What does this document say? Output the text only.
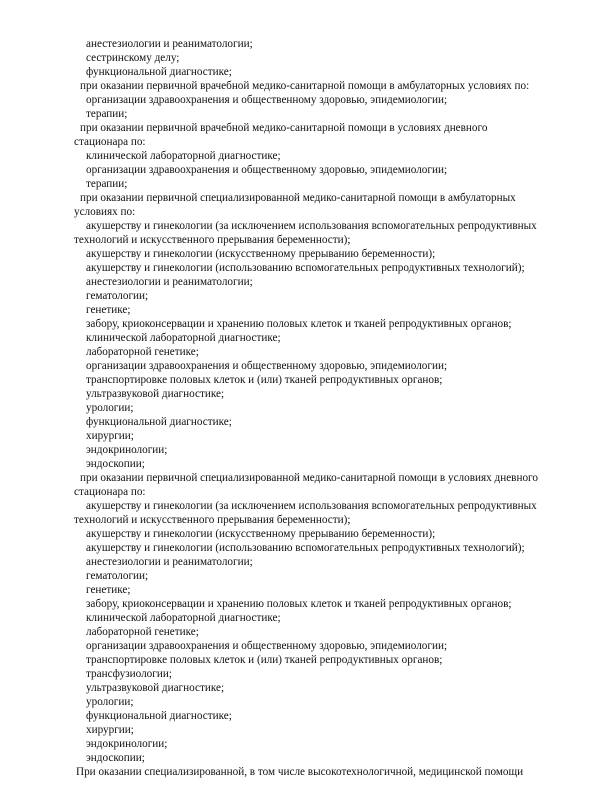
анестезиологии и реаниматологии;
сестринскому делу;
функциональной диагностике;
при оказании первичной врачебной медико-санитарной помощи в амбулаторных условиях по:
организации здравоохранения и общественному здоровью, эпидемиологии;
терапии;
при оказании первичной врачебной медико-санитарной помощи в условиях дневного
стационара по:
клинической лабораторной диагностике;
организации здравоохранения и общественному здоровью, эпидемиологии;
терапии;
при оказании первичной специализированной медико-санитарной помощи в амбулаторных
условиях по:
акушерству и гинекологии (за исключением использования вспомогательных репродуктивных
технологий и искусственного прерывания беременности);
акушерству и гинекологии (искусственному прерыванию беременности);
акушерству и гинекологии (использованию вспомогательных репродуктивных технологий);
анестезиологии и реаниматологии;
гематологии;
генетике;
забору, криоконсервации и хранению половых клеток и тканей репродуктивных органов;
клинической лабораторной диагностике;
лабораторной генетике;
организации здравоохранения и общественному здоровью, эпидемиологии;
транспортировке половых клеток и (или) тканей репродуктивных органов;
ультразвуковой диагностике;
урологии;
функциональной диагностике;
хирургии;
эндокринологии;
эндоскопии;
при оказании первичной специализированной медико-санитарной помощи в условиях дневного
стационара по:
акушерству и гинекологии (за исключением использования вспомогательных репродуктивных
технологий и искусственного прерывания беременности);
акушерству и гинекологии (искусственному прерыванию беременности);
акушерству и гинекологии (использованию вспомогательных репродуктивных технологий);
анестезиологии и реаниматологии;
гематологии;
генетике;
забору, криоконсервации и хранению половых клеток и тканей репродуктивных органов;
клинической лабораторной диагностике;
лабораторной генетике;
организации здравоохранения и общественному здоровью, эпидемиологии;
транспортировке половых клеток и (или) тканей репродуктивных органов;
трансфузиологии;
ультразвуковой диагностике;
урологии;
функциональной диагностике;
хирургии;
эндокринологии;
эндоскопии;
При оказании специализированной, в том числе высокотехнологичной, медицинской помощи
